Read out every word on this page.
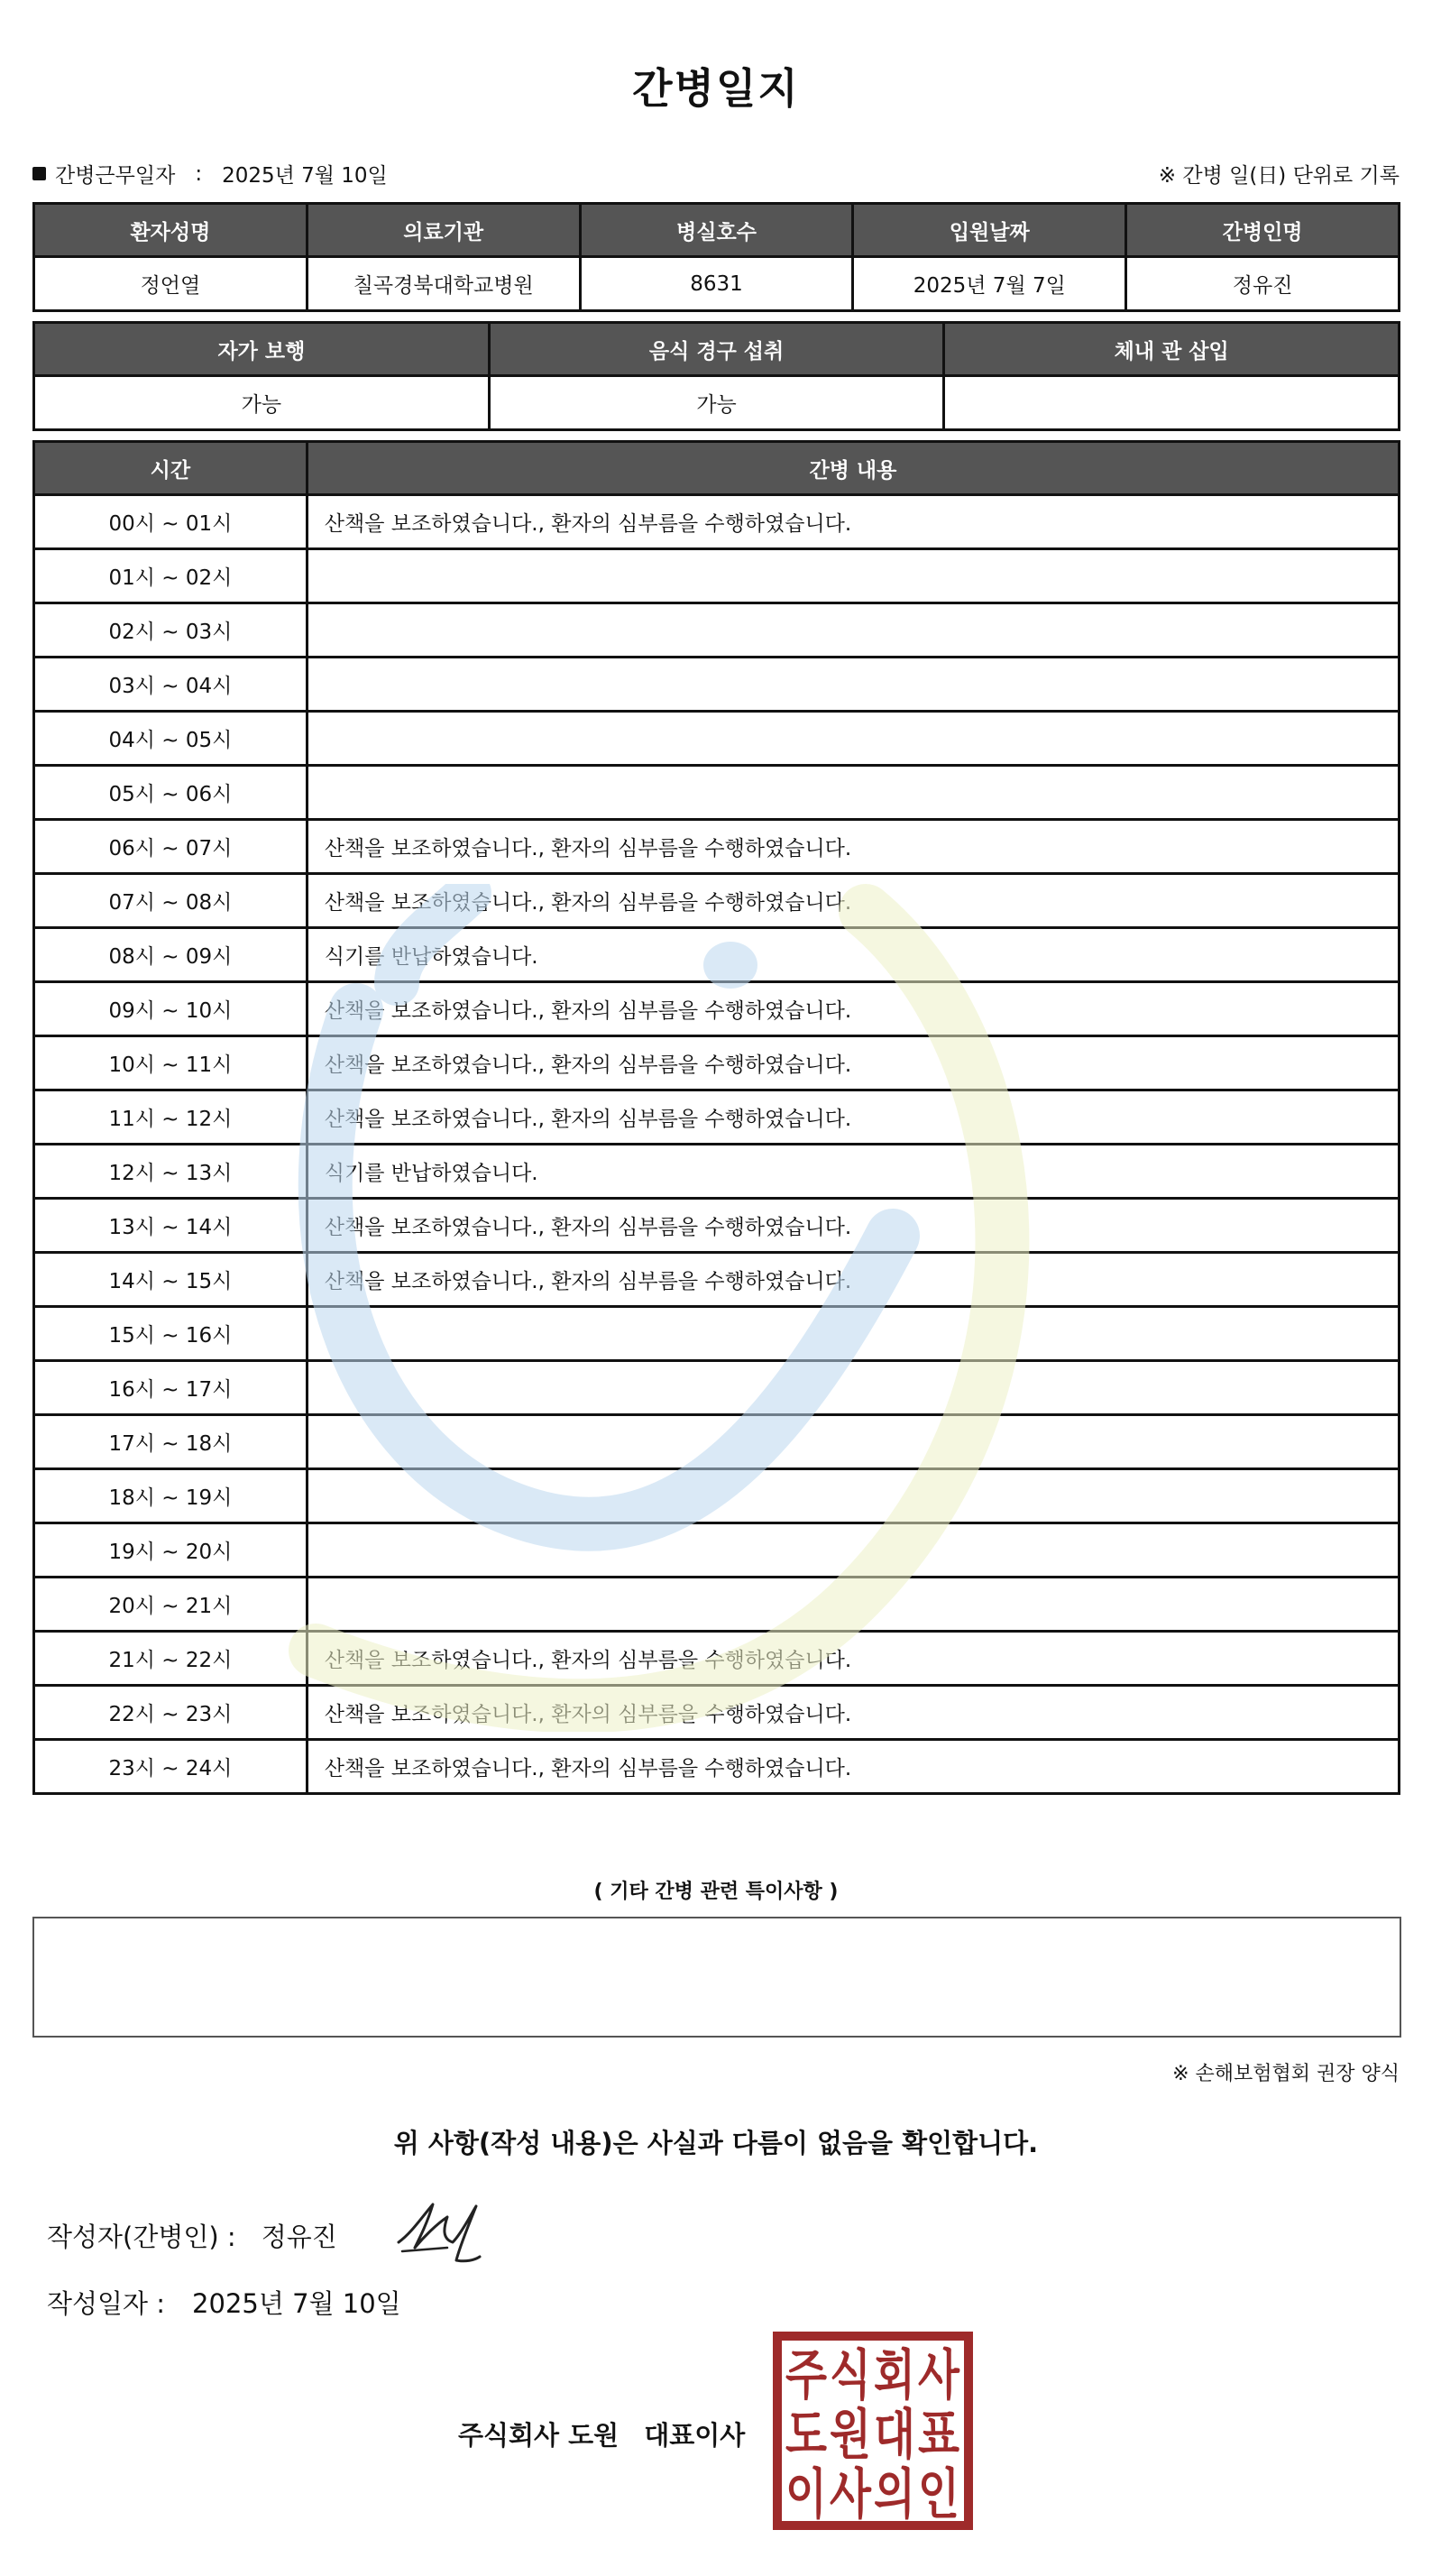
간병일지
간병근무일자 : 2025년 7월 10일	※ 간병 일(日) 단위로 기록
환자성명	의료기관	병실호수	입원날짜	간병인명
정언열	칠곡경북대학교병원	8631	2025년 7월 7일	정유진
자가 보행	음식 경구 섭취	체내 관 삽입
가능	가능	
시간	간병 내용
00시 ~ 01시	산책을 보조하였습니다., 환자의 심부름을 수행하였습니다.
01시 ~ 02시	
02시 ~ 03시	
03시 ~ 04시	
04시 ~ 05시	
05시 ~ 06시	
06시 ~ 07시	산책을 보조하였습니다., 환자의 심부름을 수행하였습니다.
07시 ~ 08시	산책을 보조하였습니다., 환자의 심부름을 수행하였습니다.
08시 ~ 09시	식기를 반납하였습니다.
09시 ~ 10시	산책을 보조하였습니다., 환자의 심부름을 수행하였습니다.
10시 ~ 11시	산책을 보조하였습니다., 환자의 심부름을 수행하였습니다.
11시 ~ 12시	산책을 보조하였습니다., 환자의 심부름을 수행하였습니다.
12시 ~ 13시	식기를 반납하였습니다.
13시 ~ 14시	산책을 보조하였습니다., 환자의 심부름을 수행하였습니다.
14시 ~ 15시	산책을 보조하였습니다., 환자의 심부름을 수행하였습니다.
15시 ~ 16시	
16시 ~ 17시	
17시 ~ 18시	
18시 ~ 19시	
19시 ~ 20시	
20시 ~ 21시	
21시 ~ 22시	산책을 보조하였습니다., 환자의 심부름을 수행하였습니다.
22시 ~ 23시	산책을 보조하였습니다., 환자의 심부름을 수행하였습니다.
23시 ~ 24시	산책을 보조하였습니다., 환자의 심부름을 수행하였습니다.
( 기타 간병 관련 특이사항 )
※ 손해보험협회 권장 양식
위 사항(작성 내용)은 사실과 다름이 없음을 확인합니다.
작성자(간병인) : 정유진
작성일자 : 2025년 7월 10일
주식회사 도원 대표이사
주 식 회 사
도 원 대 표
이 사 의 인
